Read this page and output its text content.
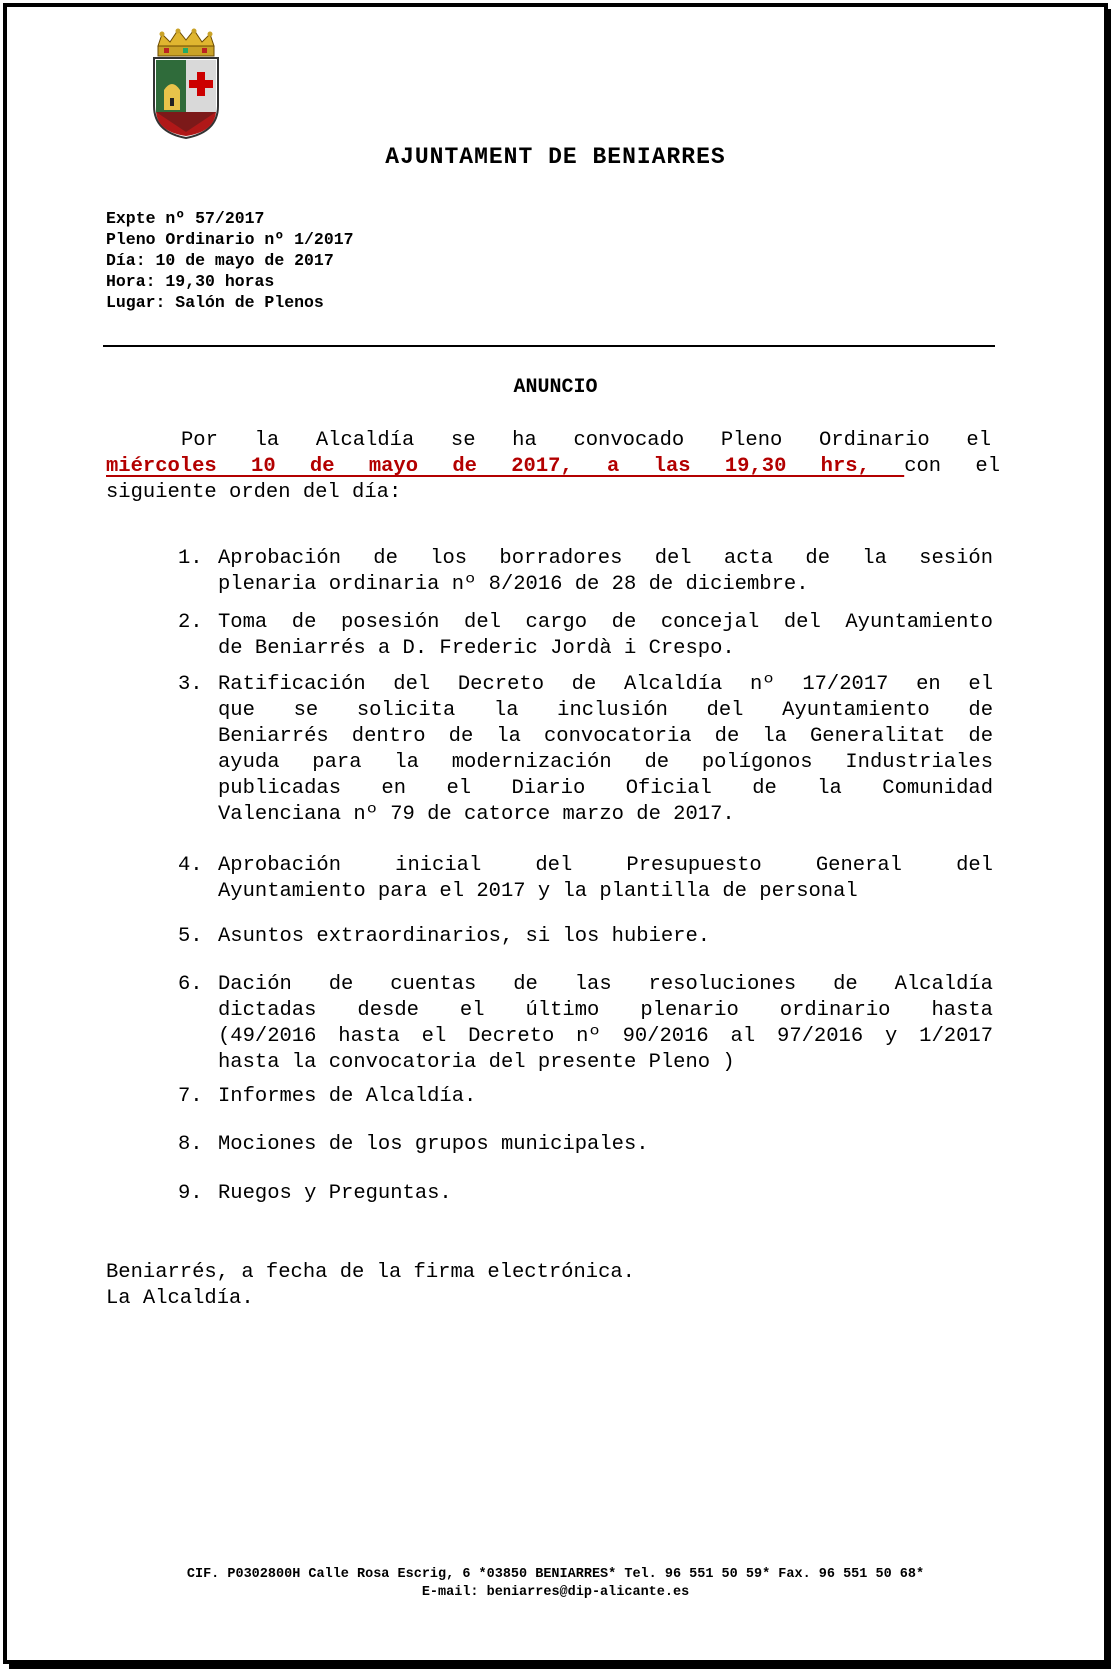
AJUNTAMENT DE BENIARRES
Expte nº 57/2017
Pleno Ordinario nº 1/2017
Día: 10 de mayo de 2017
Hora: 19,30 horas
Lugar: Salón de Plenos
ANUNCIO
Por la Alcaldía se ha convocado Pleno Ordinario el
miércoles 10 de mayo de 2017, a las 19,30 hrs, con el
siguiente orden del día:
1. Aprobación de los borradores del acta de la sesión
plenaria ordinaria nº 8/2016 de 28 de diciembre.
2. Toma de posesión del cargo de concejal del Ayuntamiento
de Beniarrés a D. Frederic Jordà i Crespo.
3. Ratificación del Decreto de Alcaldía nº 17/2017 en el
que se solicita la inclusión del Ayuntamiento de
Beniarrés dentro de la convocatoria de la Generalitat de
ayuda para la modernización de polígonos Industriales
publicadas en el Diario Oficial de la Comunidad
Valenciana nº 79 de catorce marzo de 2017.
4. Aprobación inicial del Presupuesto General del
Ayuntamiento para el 2017 y la plantilla de personal
5. Asuntos extraordinarios, si los hubiere.
6. Dación de cuentas de las resoluciones de Alcaldía
dictadas desde el último plenario ordinario hasta
(49/2016 hasta el Decreto nº 90/2016 al 97/2016 y 1/2017
hasta la convocatoria del presente Pleno )
7. Informes de Alcaldía.
8. Mociones de los grupos municipales.
9. Ruegos y Preguntas.
Beniarrés, a fecha de la firma electrónica.
La Alcaldía.
CIF. P0302800H Calle Rosa Escrig, 6 *03850 BENIARRES* Tel. 96 551 50 59* Fax. 96 551 50 68*
E-mail: beniarres@dip-alicante.es
